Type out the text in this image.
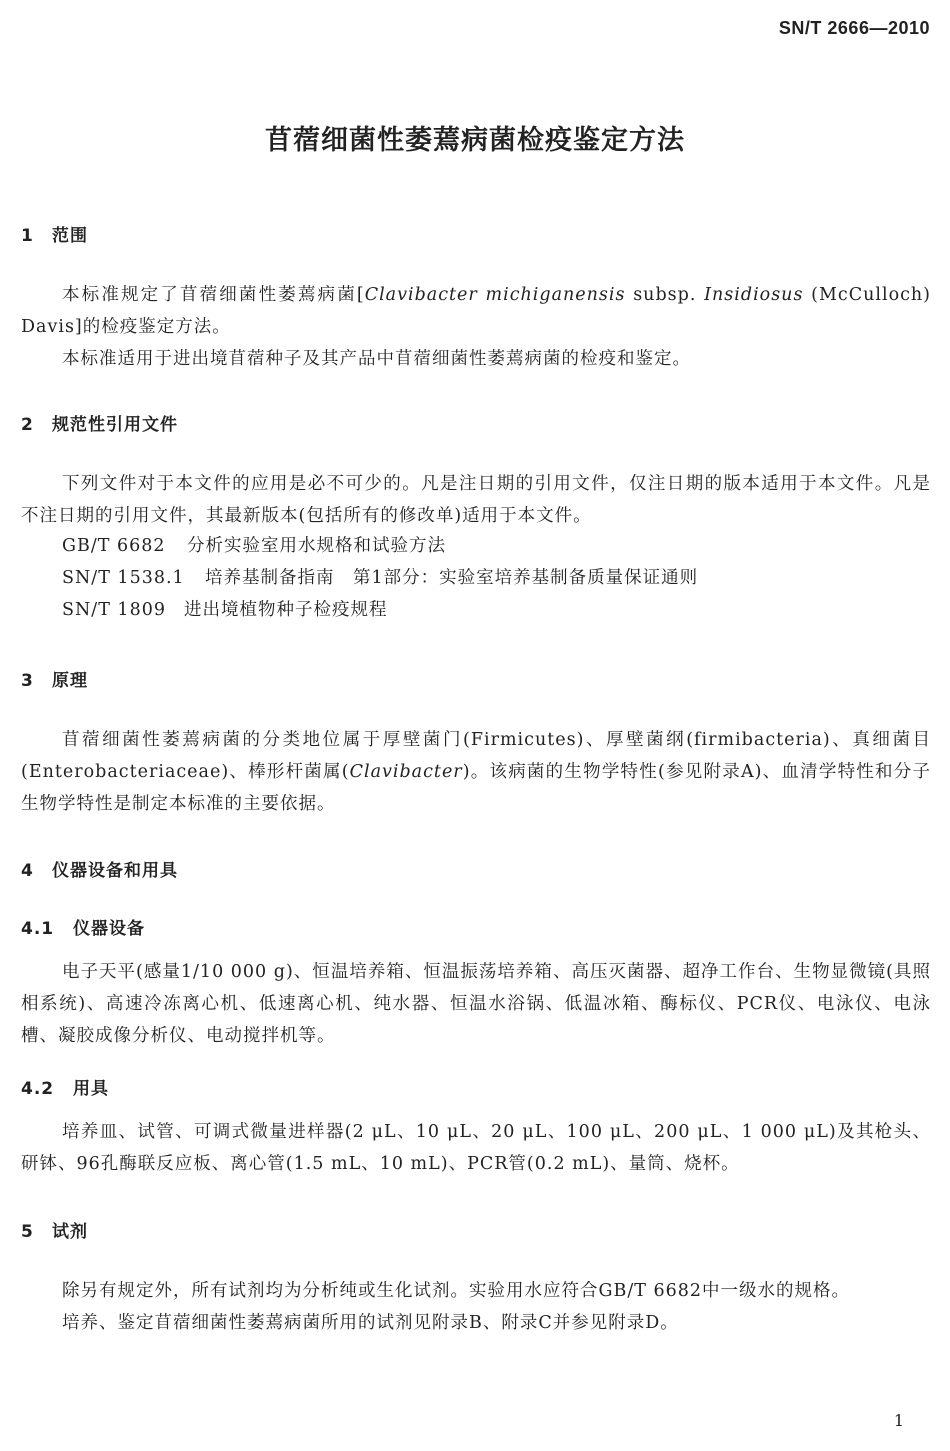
SN/T 2666—2010
苜蓿细菌性萎蔫病菌检疫鉴定方法
1 范围
本标准规定了苜蓿细菌性萎蔫病菌[Clavibacter michiganensis subsp. Insidiosus (McCulloch) Davis]的检疫鉴定方法。
本标准适用于进出境苜蓿种子及其产品中苜蓿细菌性萎蔫病菌的检疫和鉴定。
2 规范性引用文件
下列文件对于本文件的应用是必不可少的。凡是注日期的引用文件，仅注日期的版本适用于本文件。凡是不注日期的引用文件，其最新版本(包括所有的修改单)适用于本文件。
GB/T 6682 分析实验室用水规格和试验方法
SN/T 1538.1 培养基制备指南　第1部分：实验室培养基制备质量保证通则
SN/T 1809 进出境植物种子检疫规程
3 原理
苜蓿细菌性萎蔫病菌的分类地位属于厚壁菌门(Firmicutes)、厚壁菌纲(firmibacteria)、真细菌目(Enterobacteriaceae)、棒形杆菌属(Clavibacter)。该病菌的生物学特性(参见附录A)、血清学特性和分子生物学特性是制定本标准的主要依据。
4 仪器设备和用具
4.1 仪器设备
电子天平(感量1/10 000 g)、恒温培养箱、恒温振荡培养箱、高压灭菌器、超净工作台、生物显微镜(具照相系统)、高速冷冻离心机、低速离心机、纯水器、恒温水浴锅、低温冰箱、酶标仪、PCR仪、电泳仪、电泳槽、凝胶成像分析仪、电动搅拌机等。
4.2 用具
培养皿、试管、可调式微量进样器(2 μL、10 μL、20 μL、100 μL、200 μL、1 000 μL)及其枪头、研钵、96孔酶联反应板、离心管(1.5 mL、10 mL)、PCR管(0.2 mL)、量筒、烧杯。
5 试剂
除另有规定外，所有试剂均为分析纯或生化试剂。实验用水应符合GB/T 6682中一级水的规格。
培养、鉴定苜蓿细菌性萎蔫病菌所用的试剂见附录B、附录C并参见附录D。
1
